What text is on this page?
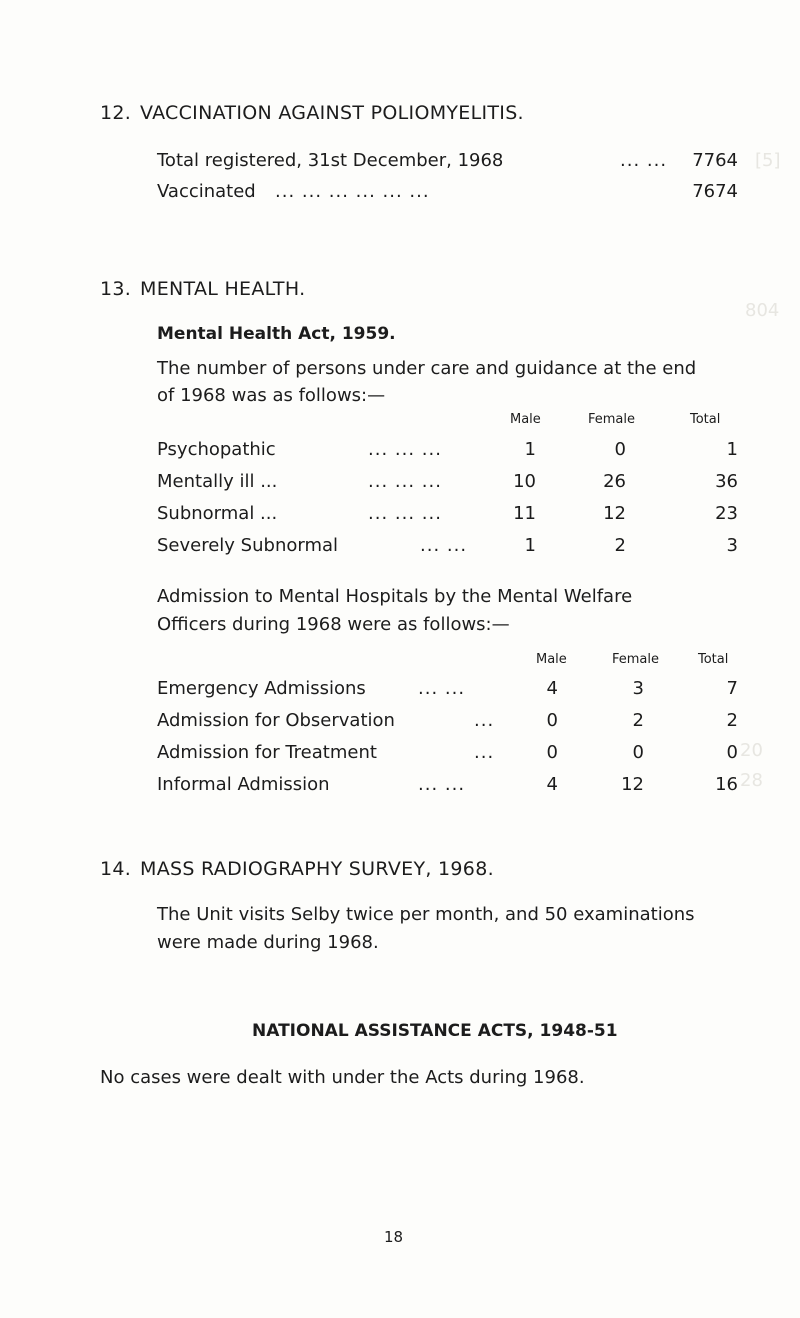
[5]
804
20
28
12. VACCINATION AGAINST POLIOMYELITIS.
Total registered, 31st December, 1968	... ... 7764
Vaccinated ... ... ... ... ... ...	7674
13. MENTAL HEALTH.
Mental Health Act, 1959.
The number of persons under care and guidance at the end
of 1968 was as follows:—
Male	Female	Total
Psychopathic	... ... ...	1	0	1
Mentally ill ...	... ... ...	10	26	36
Subnormal ...	... ... ...	11	12	23
Severely Subnormal	... ...	1	2	3
Admission to Mental Hospitals by the Mental Welfare
Officers during 1968 were as follows:—
Male	Female	Total
Emergency Admissions	... ...	4	3	7
Admission for Observation	...	0	2	2
Admission for Treatment	...	0	0	0
Informal Admission	... ...	4	12	16
14. MASS RADIOGRAPHY SURVEY, 1968.
The Unit visits Selby twice per month, and 50 examinations
were made during 1968.
NATIONAL ASSISTANCE ACTS, 1948-51
No cases were dealt with under the Acts during 1968.
18
